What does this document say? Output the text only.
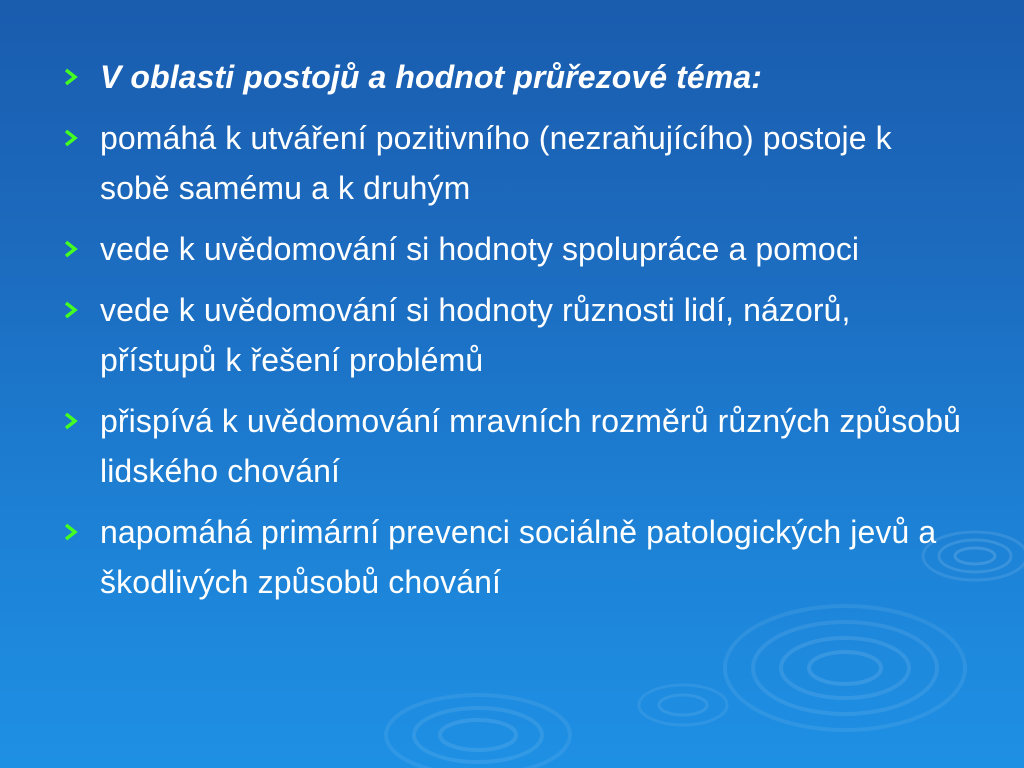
V oblasti postojů a hodnot průřezové téma:
pomáhá k utváření pozitivního (nezraňujícího) postoje k sobě samému a k druhým
vede k uvědomování si hodnoty spolupráce a pomoci
vede k uvědomování si hodnoty různosti lidí, názorů, přístupů k řešení problémů
přispívá k uvědomování mravních rozměrů různých způsobů lidského chování
napomáhá primární prevenci sociálně patologických jevů a škodlivých způsobů chování
